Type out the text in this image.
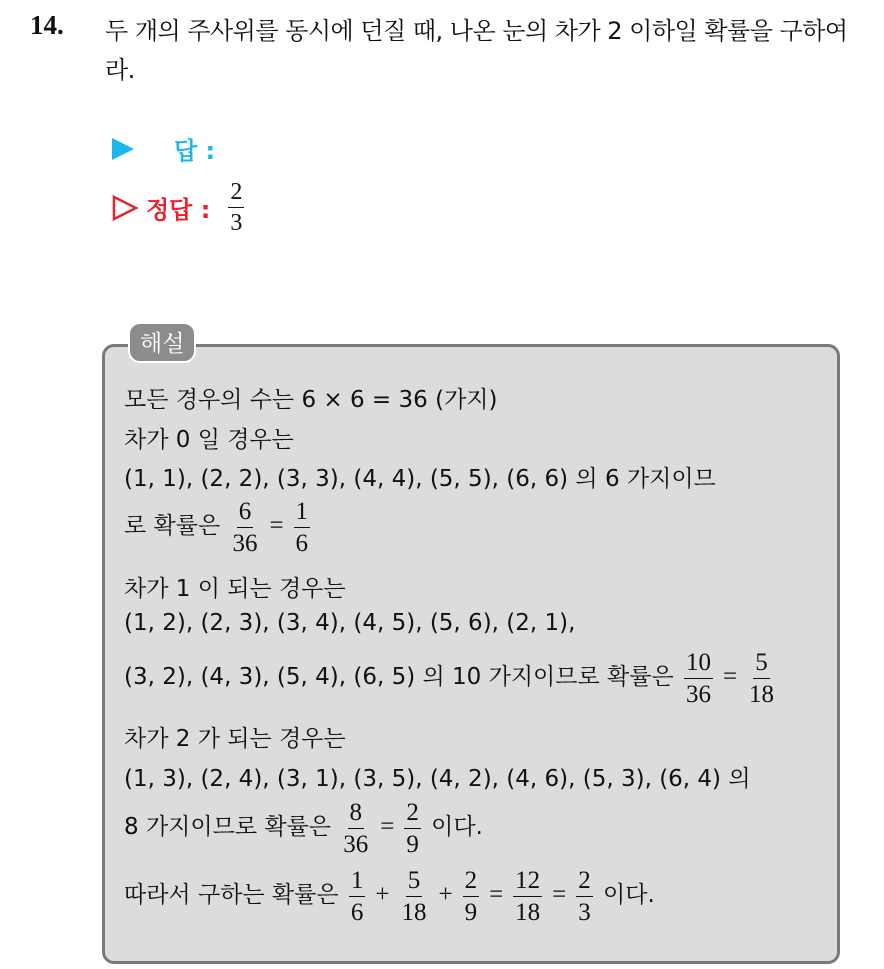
14. 두 개의 주사위를 동시에 던질 때, 나온 눈의 차가 2 이하일 확률을 구하여라.
답 :
정답 : $\frac{2}{3}$
해설
모든 경우의 수는 6 × 6 = 36 (가지)
차가 0 일 경우는
(1, 1), (2, 2), (3, 3), (4, 4), (5, 5), (6, 6) 의 6 가지이므
로 확률은 $\frac{6}{36} = \frac{1}{6}$
차가 1 이 되는 경우는
(1, 2), (2, 3), (3, 4), (4, 5), (5, 6), (2, 1),
(3, 2), (4, 3), (5, 4), (6, 5) 의 10 가지이므로 확률은 $\frac{10}{36} = \frac{5}{18}$
차가 2 가 되는 경우는
(1, 3), (2, 4), (3, 1), (3, 5), (4, 2), (4, 6), (5, 3), (6, 4) 의
8 가지이므로 확률은 $\frac{8}{36} = \frac{2}{9}$ 이다.
따라서 구하는 확률은 $\frac{1}{6} + \frac{5}{18} + \frac{2}{9} = \frac{12}{18} = \frac{2}{3}$ 이다.
